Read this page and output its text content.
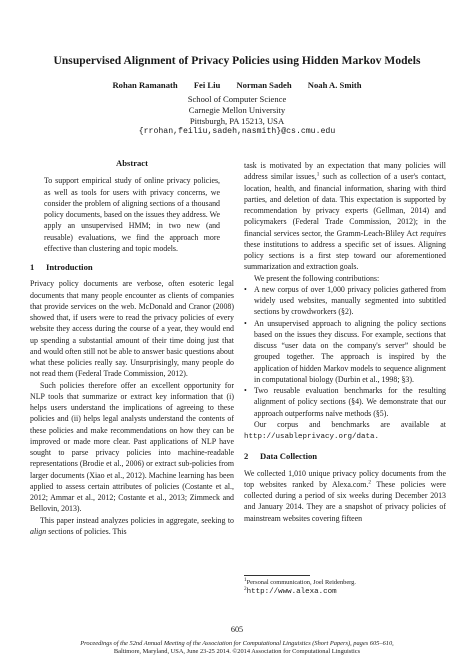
Unsupervised Alignment of Privacy Policies using Hidden Markov Models
Rohan Ramanath Fei Liu Norman Sadeh Noah A. Smith
School of Computer Science
Carnegie Mellon University
Pittsburgh, PA 15213, USA
{rrohan,feiliu,sadeh,nasmith}@cs.cmu.edu
Abstract

To support empirical study of online privacy policies, as well as tools for users with privacy concerns, we consider the problem of aligning sections of a thousand policy documents, based on the issues they address. We apply an unsupervised HMM; in two new (and reusable) evaluations, we find the approach more effective than clustering and topic models.

1 Introduction

Privacy policy documents are verbose, often esoteric legal documents that many people encounter as clients of companies that provide services on the web. McDonald and Cranor (2008) showed that, if users were to read the privacy policies of every website they access during the course of a year, they would end up spending a substantial amount of their time doing just that and would often still not be able to answer basic questions about what these policies really say. Unsurprisingly, many people do not read them (Federal Trade Commission, 2012).

Such policies therefore offer an excellent opportunity for NLP tools that summarize or extract key information that (i) helps users understand the implications of agreeing to these policies and (ii) helps legal analysts understand the contents of these policies and make recommendations on how they can be improved or made more clear. Past applications of NLP have sought to parse privacy policies into machine-readable representations (Brodie et al., 2006) or extract sub-policies from larger documents (Xiao et al., 2012). Machine learning has been applied to assess certain attributes of policies (Costante et al., 2012; Ammar et al., 2012; Costante et al., 2013; Zimmeck and Bellovin, 2013).

This paper instead analyzes policies in aggregate, seeking to align sections of policies. This

task is motivated by an expectation that many policies will address similar issues,$^1$ such as collection of a user's contact, location, health, and financial information, sharing with third parties, and deletion of data. This expectation is supported by recommendation by privacy experts (Gellman, 2014) and policymakers (Federal Trade Commission, 2012); in the financial services sector, the Gramm-Leach-Bliley Act requires these institutions to address a specific set of issues. Aligning policy sections is a first step toward our aforementioned summarization and extraction goals.

We present the following contributions:

• A new corpus of over 1,000 privacy policies gathered from widely used websites, manually segmented into subtitled sections by crowdworkers (§2).
• An unsupervised approach to aligning the policy sections based on the issues they discuss. For example, sections that discuss “user data on the company's server” should be grouped together. The approach is inspired by the application of hidden Markov models to sequence alignment in computational biology (Durbin et al., 1998; §3).
• Two reusable evaluation benchmarks for the resulting alignment of policy sections (§4). We demonstrate that our approach outperforms naïve methods (§5).

Our corpus and benchmarks are available at http://usableprivacy.org/data.

2 Data Collection

We collected 1,010 unique privacy policy documents from the top websites ranked by Alexa.com.$^2$ These policies were collected during a period of six weeks during December 2013 and January 2014. They are a snapshot of privacy policies of mainstream websites covering fifteen

$^1$Personal communication, Joel Reidenberg.
$^2$http://www.alexa.com
605
Proceedings of the 52nd Annual Meeting of the Association for Computational Linguistics (Short Papers), pages 605–610,
Baltimore, Maryland, USA, June 23-25 2014. ©2014 Association for Computational Linguistics
